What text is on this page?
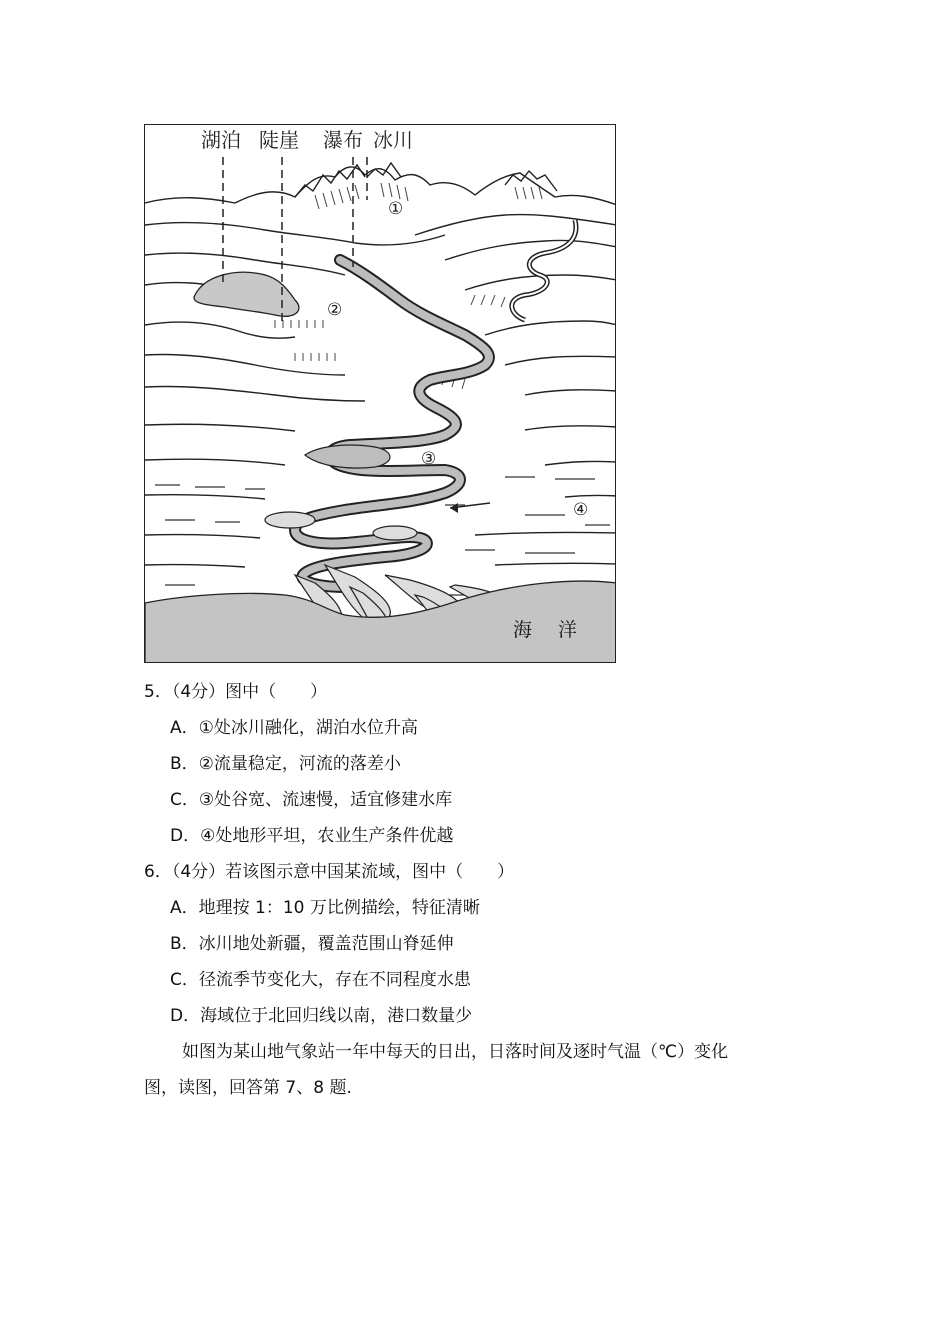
湖泊 陡崖 瀑布 冰川
①
②
③
④
海 洋
5．（4分）图中（　　）
A．①处冰川融化，湖泊水位升高
B．②流量稳定，河流的落差小
C．③处谷宽、流速慢，适宜修建水库
D．④处地形平坦，农业生产条件优越
6．（4分）若该图示意中国某流域，图中（　　）
A．地理按 1：10 万比例描绘，特征清晰
B．冰川地处新疆，覆盖范围山脊延伸
C．径流季节变化大，存在不同程度水患
D．海域位于北回归线以南，港口数量少
如图为某山地气象站一年中每天的日出，日落时间及逐时气温（℃）变化
图，读图，回答第 7、8 题.
